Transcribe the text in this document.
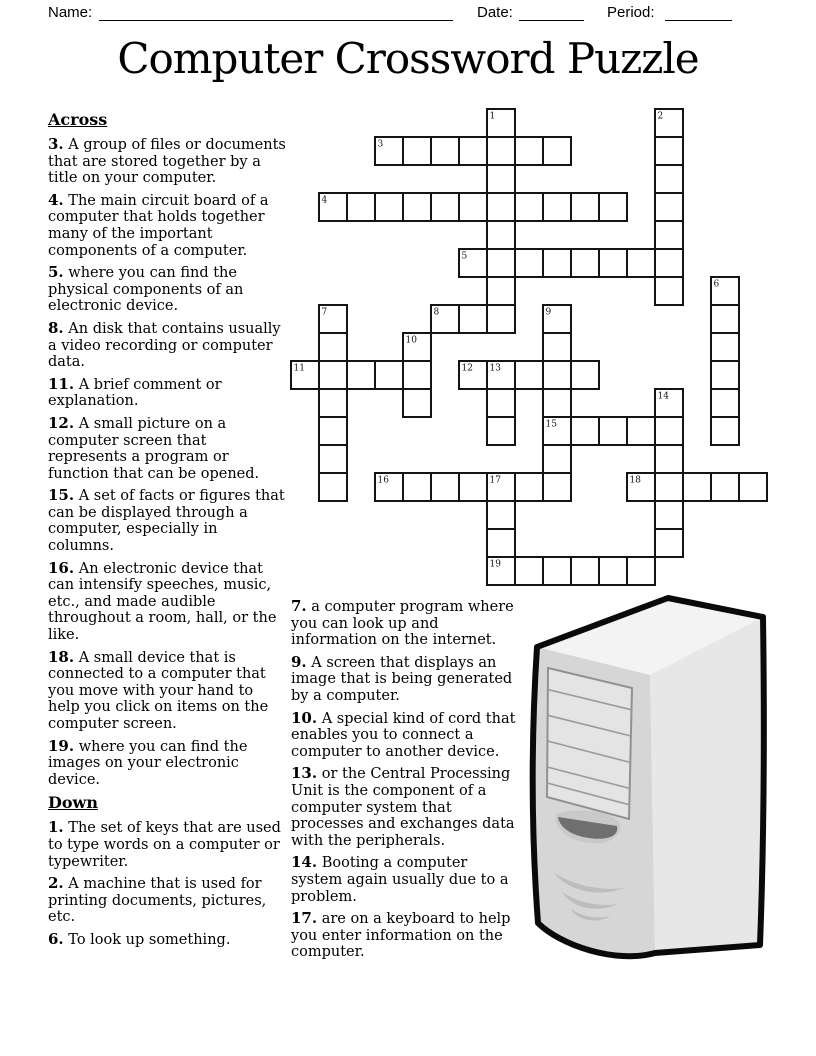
Name:	Date:	Period:
Computer Crossword Puzzle
Across

3. A group of files or documents that are stored together by a title on your computer.

4. The main circuit board of a computer that holds together many of the important components of a computer.

5. where you can find the physical components of an electronic device.

8. An disk that contains usually a video recording or computer data.

11. A brief comment or explanation.

12. A small picture on a computer screen that represents a program or function that can be opened.

15. A set of facts or figures that can be displayed through a computer, especially in columns.

16. An electronic device that can intensify speeches, music, etc., and made audible throughout a room, hall, or the like.

18. A small device that is connected to a computer that you move with your hand to help you click on items on the computer screen.

19. where you can find the images on your electronic device.

Down

1. The set of keys that are used to type words on a computer or typewriter.

2. A machine that is used for printing documents, pictures, etc.

6. To look up something.

7. a computer program where you can look up and information on the internet.

9. A screen that displays an image that is being generated by a computer.

10. A special kind of cord that enables you to connect a computer to another device.

13. or the Central Processing Unit is the component of a computer system that processes and exchanges data with the peripherals.

14. Booting a computer system again usually due to a problem.

17. are on a keyboard to help you enter information on the computer.

3
4
5
8
11	12
15
16	18
19
1	2
6
7	9
10
13
14
17
